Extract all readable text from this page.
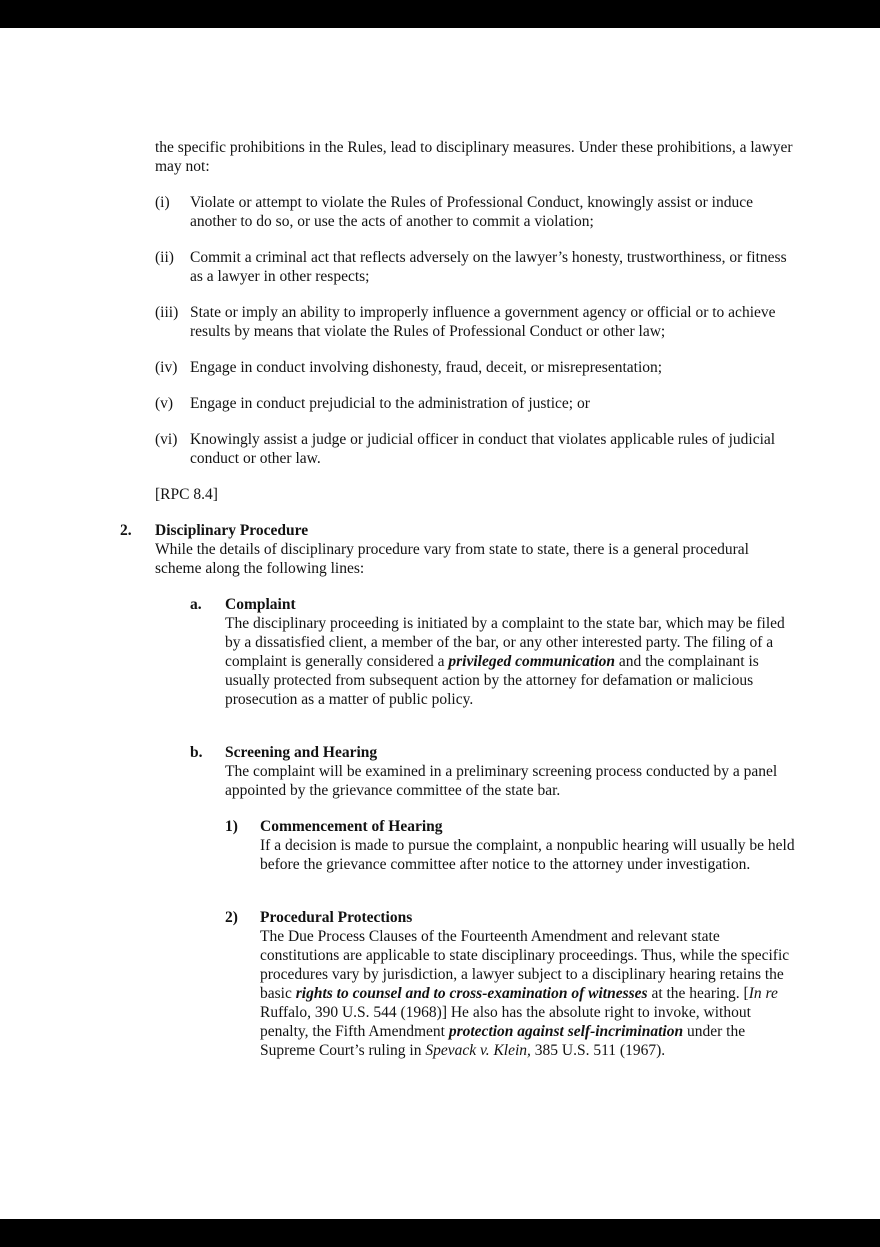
the specific prohibitions in the Rules, lead to disciplinary measures. Under these prohibitions, a lawyer may not:

(i)	Violate or attempt to violate the Rules of Professional Conduct, knowingly assist or induce another to do so, or use the acts of another to commit a violation;
(ii)	Commit a criminal act that reflects adversely on the lawyer’s honesty, trustworthiness, or fitness as a lawyer in other respects;
(iii) State or imply an ability to improperly influence a government agency or official or to achieve results by means that violate the Rules of Professional Conduct or other law;
(iv) Engage in conduct involving dishonesty, fraud, deceit, or misrepresentation;
(v)	Engage in conduct prejudicial to the administration of justice; or
(vi) Knowingly assist a judge or judicial officer in conduct that violates applicable rules of judicial conduct or other law.

[RPC 8.4]

2.	Disciplinary Procedure

While the details of disciplinary procedure vary from state to state, there is a general procedural scheme along the following lines:

a.	Complaint

The disciplinary proceeding is initiated by a complaint to the state bar, which may be filed by a dissatisfied client, a member of the bar, or any other interested party. The filing of a complaint is generally considered a privileged communication and the complainant is usually protected from subsequent action by the attorney for defamation or malicious prosecution as a matter of public policy.

b.	Screening and Hearing

The complaint will be examined in a preliminary screening process conducted by a panel appointed by the grievance committee of the state bar.

1)	Commencement of Hearing

If a decision is made to pursue the complaint, a nonpublic hearing will usually be held before the grievance committee after notice to the attorney under investigation.

2)	Procedural Protections

The Due Process Clauses of the Fourteenth Amendment and relevant state constitutions are applicable to state disciplinary proceedings. Thus, while the specific procedures vary by jurisdiction, a lawyer subject to a disciplinary hearing retains the basic rights to counsel and to cross-examination of witnesses at the hearing. [In re Ruffalo, 390 U.S. 544 (1968)] He also has the absolute right to invoke, without penalty, the Fifth Amendment protection against self-incrimination under the Supreme Court’s ruling in Spevack v. Klein, 385 U.S. 511 (1967).
